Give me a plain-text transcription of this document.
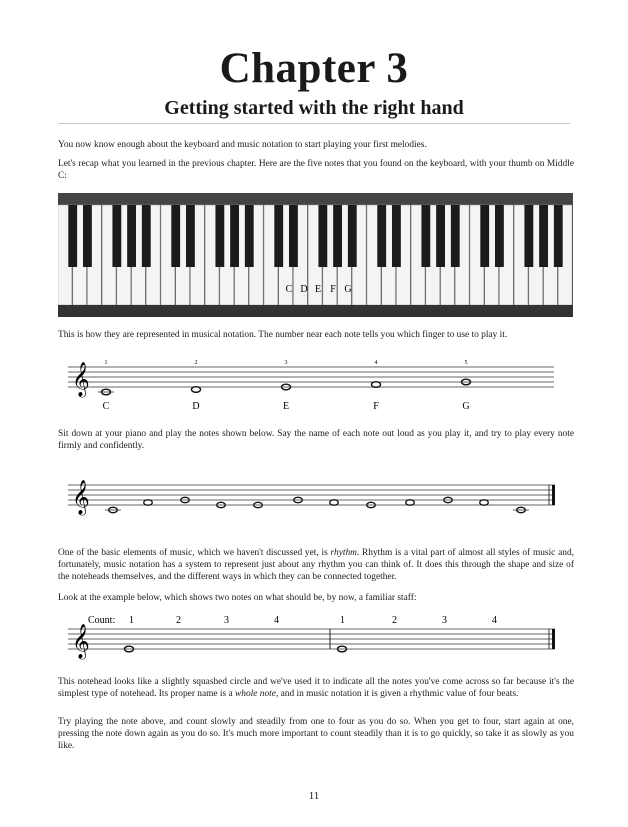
Chapter 3
Getting started with the right hand

You now know enough about the keyboard and music notation to start playing your first melodies.

Let's recap what you learned in the previous chapter. Here are the five notes that you found on the keyboard, with your thumb on Middle C:

C D E F G

This is how they are represented in musical notation. The number near each note tells you which finger to use to play it.

𝄞 1	2	3	4	5
C	D	E	F	G

Sit down at your piano and play the notes shown below. Say the name of each note out loud as you play it, and try to play every note firmly and confidently.

𝄞

One of the basic elements of music, which we haven't discussed yet, is rhythm. Rhythm is a vital part of almost all styles of music and, fortunately, music notation has a system to represent just about any rhythm you can think of. It does this through the shape and size of the noteheads themselves, and the different ways in which they can be connected together.

Look at the example below, which shows two notes on what should be, by now, a familiar staff:

Count: 1	2	3	4	1	2	3	4
𝄞

This notehead looks like a slightly squashed circle and we've used it to indicate all the notes you've come across so far because it's the simplest type of notehead. Its proper name is a whole note, and in music notation it is given a rhythmic value of four beats.

Try playing the note above, and count slowly and steadily from one to four as you do so. When you get to four, start again at one, pressing the note down again as you do so. It's much more important to count steadily than it is to go quickly, so take it as slowly as you like.

11
